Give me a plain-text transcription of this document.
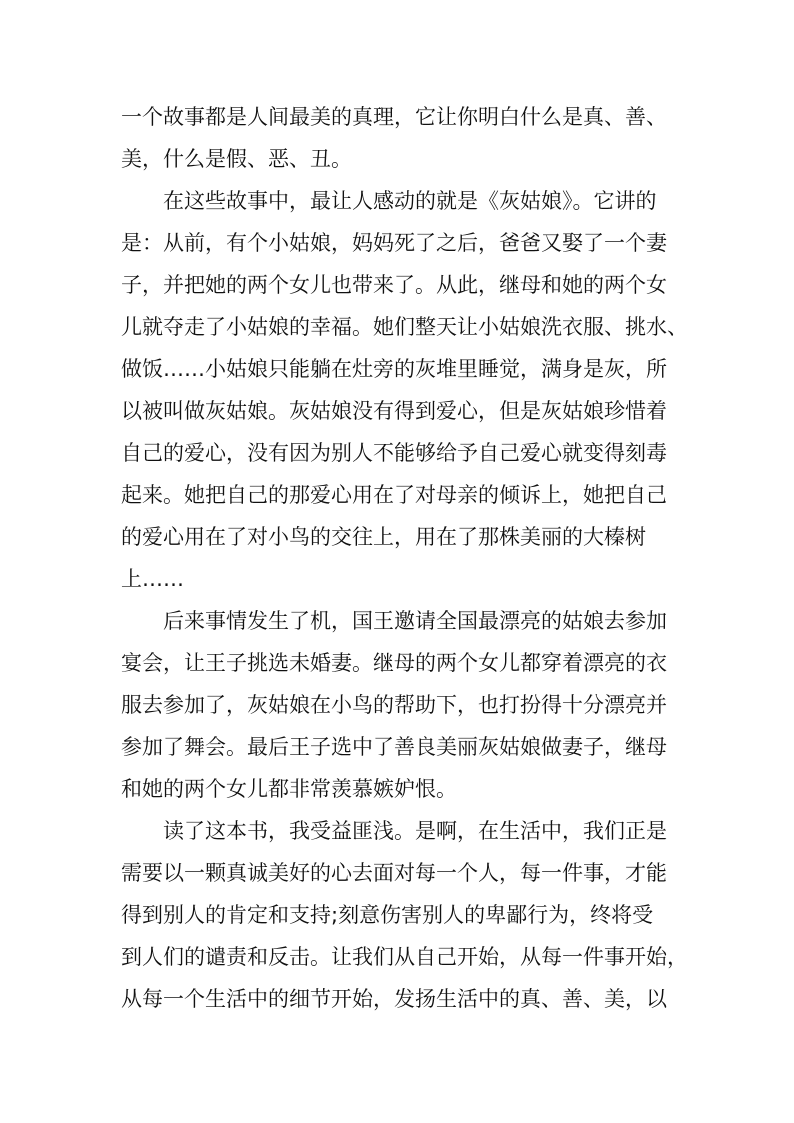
一个故事都是人间最美的真理，它让你明白什么是真、善、
美，什么是假、恶、丑。
在这些故事中，最让人感动的就是《灰姑娘》。它讲的
是：从前，有个小姑娘，妈妈死了之后，爸爸又娶了一个妻
子，并把她的两个女儿也带来了。从此，继母和她的两个女
儿就夺走了小姑娘的幸福。她们整天让小姑娘洗衣服、挑水、
做饭……小姑娘只能躺在灶旁的灰堆里睡觉，满身是灰，所
以被叫做灰姑娘。灰姑娘没有得到爱心，但是灰姑娘珍惜着
自己的爱心，没有因为别人不能够给予自己爱心就变得刻毒
起来。她把自己的那爱心用在了对母亲的倾诉上，她把自己
的爱心用在了对小鸟的交往上，用在了那株美丽的大榛树
上……
后来事情发生了机，国王邀请全国最漂亮的姑娘去参加
宴会，让王子挑选未婚妻。继母的两个女儿都穿着漂亮的衣
服去参加了，灰姑娘在小鸟的帮助下，也打扮得十分漂亮并
参加了舞会。最后王子选中了善良美丽灰姑娘做妻子，继母
和她的两个女儿都非常羡慕嫉妒恨。
读了这本书，我受益匪浅。是啊，在生活中，我们正是
需要以一颗真诚美好的心去面对每一个人，每一件事，才能
得到别人的肯定和支持;刻意伤害别人的卑鄙行为，终将受
到人们的谴责和反击。让我们从自己开始，从每一件事开始，
从每一个生活中的细节开始，发扬生活中的真、善、美，以
